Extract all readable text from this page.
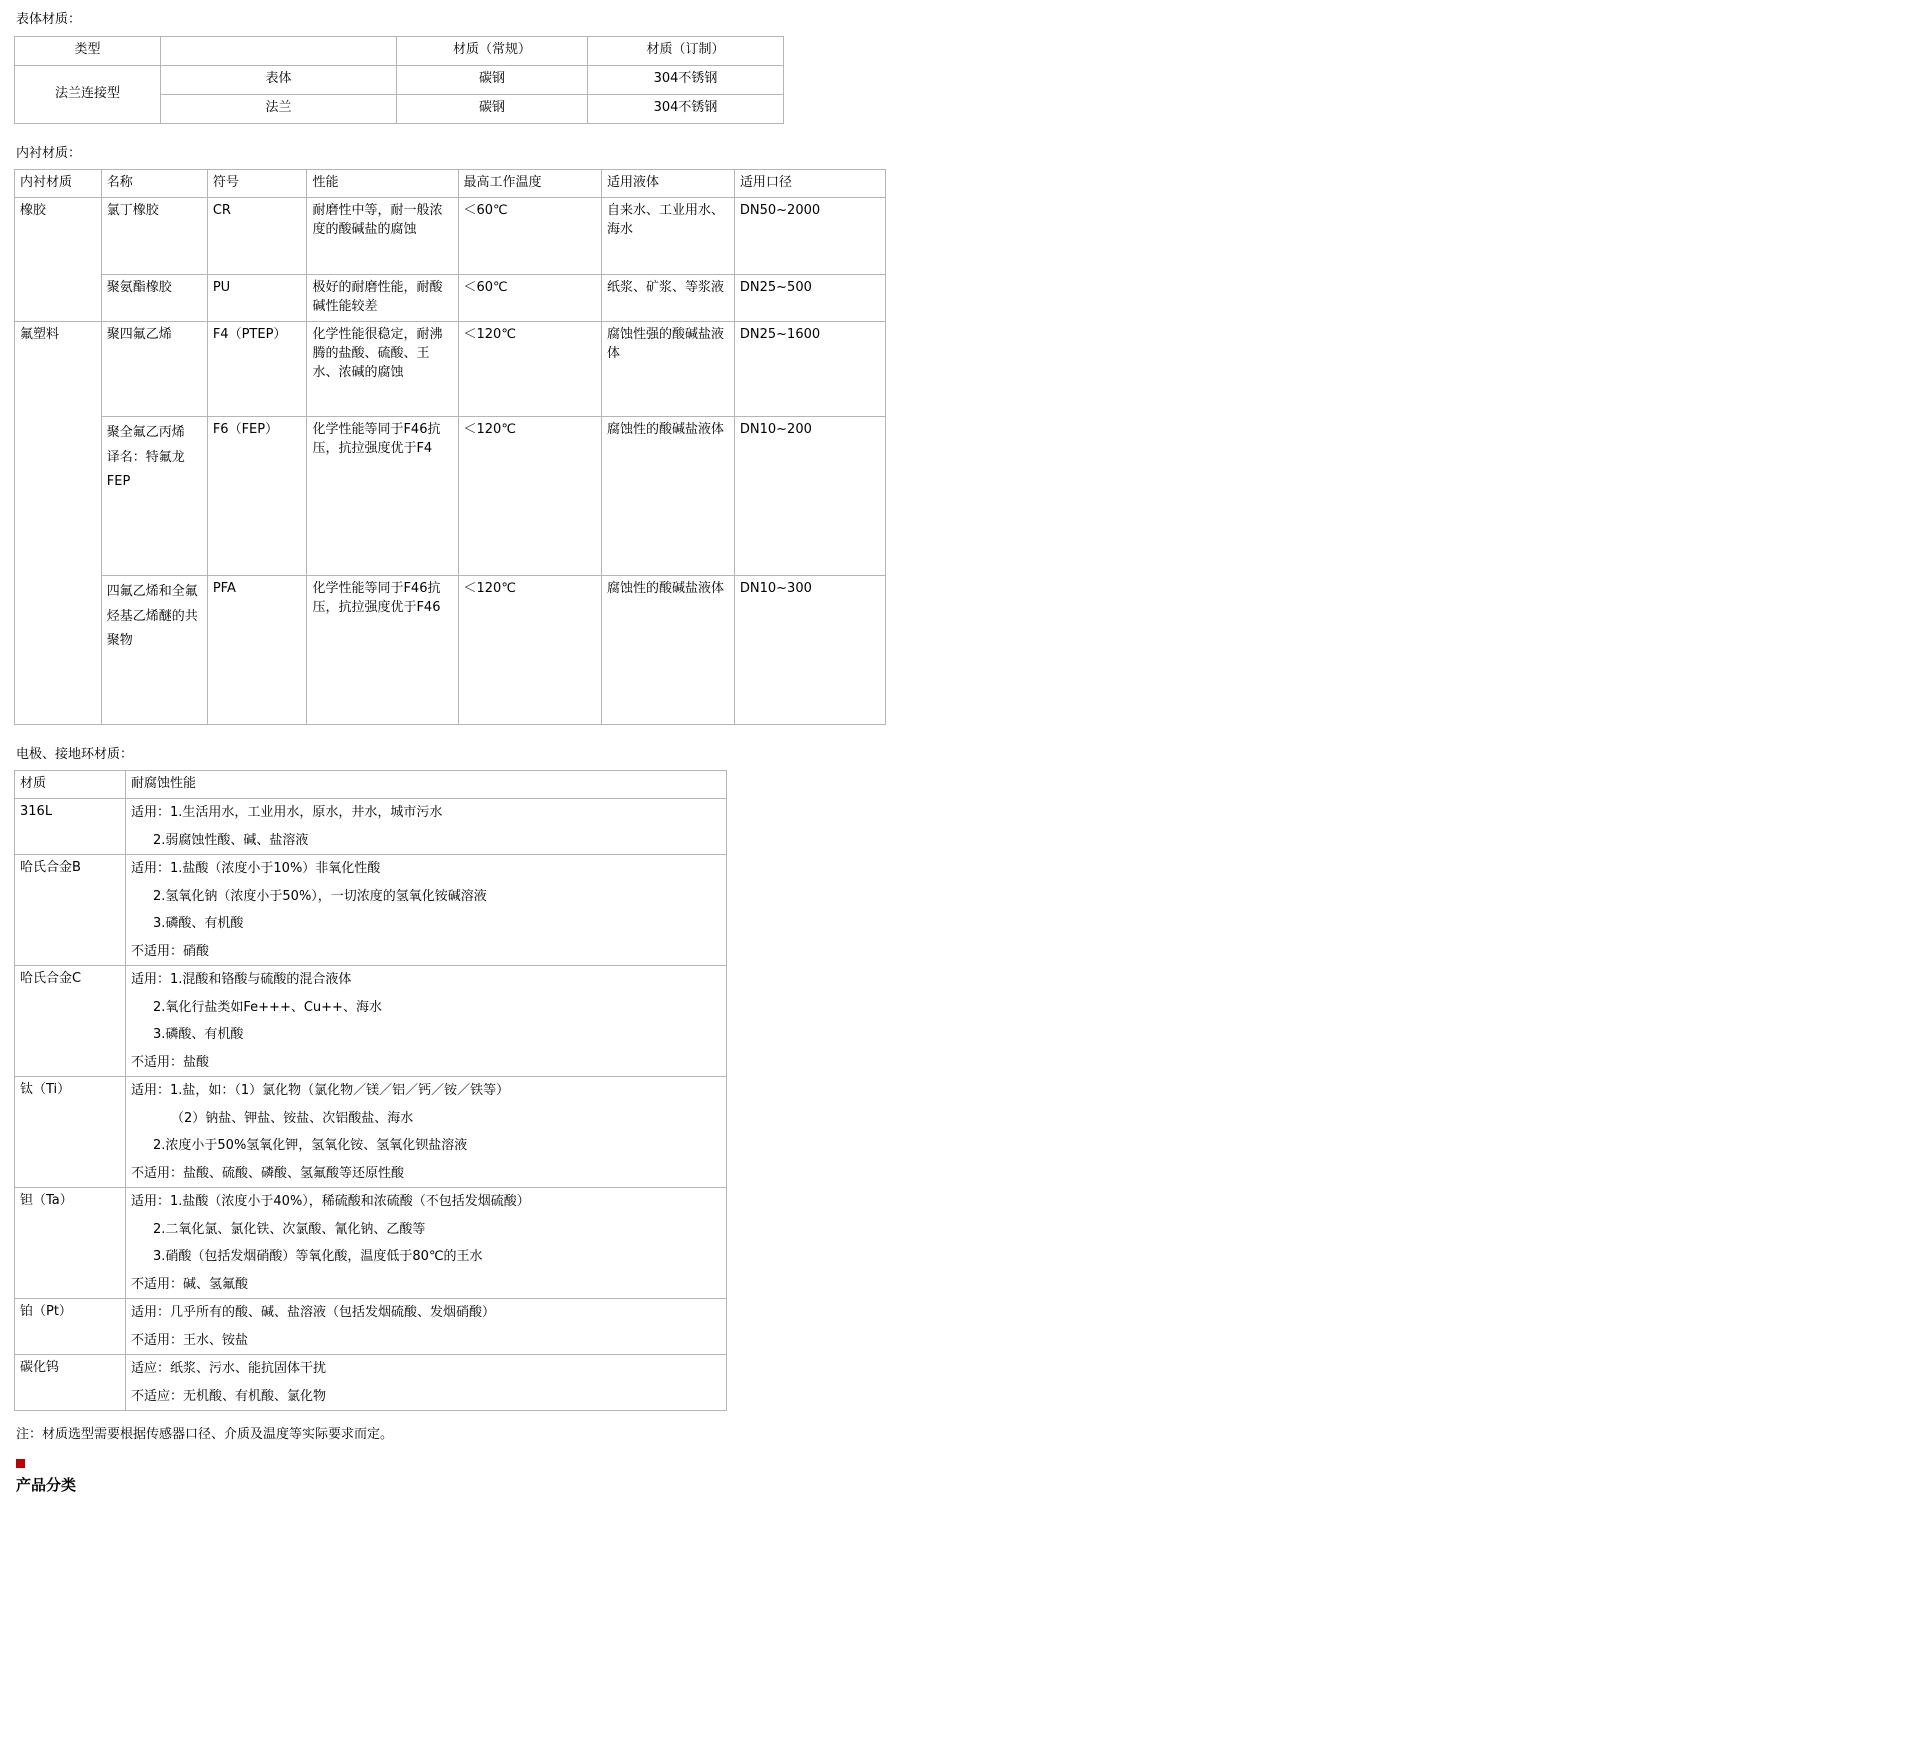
表体材质：
类型		材质（常规）	材质（订制）
法兰连接型	表体	碳钢	304不锈钢
	法兰	碳钢	304不锈钢
内衬材质：
内衬材质	名称	符号	性能	最高工作温度	适用液体	适用口径
橡胶	氯丁橡胶	CR	耐磨性中等，耐一般浓度的酸碱盐的腐蚀	＜60℃	自来水、工业用水、海水	DN50~2000
	聚氨酯橡胶	PU	极好的耐磨性能，耐酸碱性能较差	＜60℃	纸浆、矿浆、等浆液	DN25~500
氟塑料	聚四氟乙烯	F4（PTEP）	化学性能很稳定，耐沸腾的盐酸、硫酸、王水、浓碱的腐蚀	＜120℃	腐蚀性强的酸碱盐液体	DN25~1600
	聚全氟乙丙烯 译名：特氟龙FEP	F6（FEP）	化学性能等同于F46抗压，抗拉强度优于F4	＜120℃	腐蚀性的酸碱盐液体	DN10~200
	四氟乙烯和全氟烃基乙烯醚的共聚物	PFA	化学性能等同于F46抗压，抗拉强度优于F46	＜120℃	腐蚀性的酸碱盐液体	DN10~300
电极、接地环材质：
材质	耐腐蚀性能
316L	适用：1.生活用水，工业用水，原水，井水，城市污水

2.弱腐蚀性酸、碱、盐溶液

哈氏合金B	适用：1.盐酸（浓度小于10%）非氧化性酸

2.氢氧化钠（浓度小于50%），一切浓度的氢氧化铵碱溶液

3.磷酸、有机酸

不适用：硝酸

哈氏合金C	适用：1.混酸和铬酸与硫酸的混合液体

2.氧化行盐类如Fe+++、Cu++、海水

3.磷酸、有机酸

不适用：盐酸

钛（Ti）	适用：1.盐，如：（1）氯化物（氯化物／镁／铝／钙／铵／铁等）

（2）钠盐、钾盐、铵盐、次铝酸盐、海水

2.浓度小于50%氢氧化钾，氢氧化铵、氢氧化钡盐溶液

不适用：盐酸、硫酸、磷酸、氢氟酸等还原性酸

钽（Ta）	适用：1.盐酸（浓度小于40%），稀硫酸和浓硫酸（不包括发烟硫酸）

2.二氧化氯、氯化铁、次氯酸、氰化钠、乙酸等

3.硝酸（包括发烟硝酸）等氧化酸，温度低于80℃的王水

不适用：碱、氢氟酸

铂（Pt）	适用：几乎所有的酸、碱、盐溶液（包括发烟硫酸、发烟硝酸）

不适用：王水、铵盐

碳化钨	适应：纸浆、污水、能抗固体干扰

不适应：无机酸、有机酸、氯化物

注：材质选型需要根据传感器口径、介质及温度等实际要求而定。
产品分类
